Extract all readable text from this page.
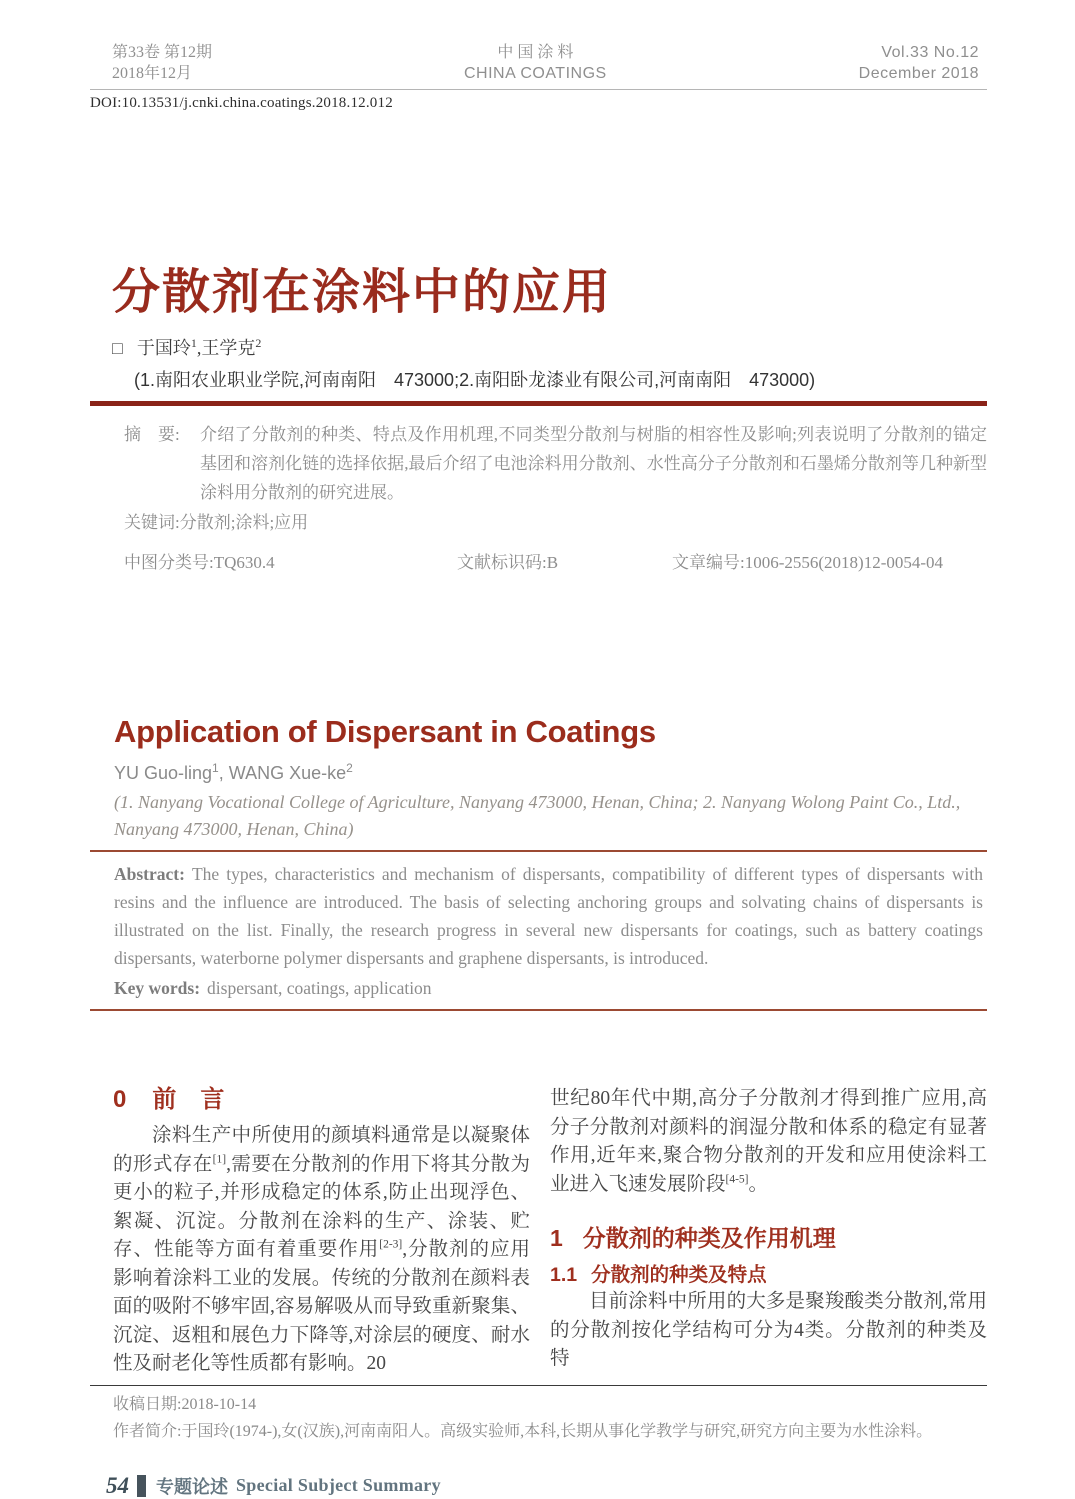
第33卷 第12期
2018年12月
中 国 涂 料
CHINA COATINGS
Vol.33 No.12
December 2018
DOI:10.13531/j.cnki.china.coatings.2018.12.012
分散剂在涂料中的应用
□ 于国玲$^1$,王学克$^2$
(1.南阳农业职业学院,河南南阳　473000;2.南阳卧龙漆业有限公司,河南南阳　473000)
摘　要:	介绍了分散剂的种类、特点及作用机理,不同类型分散剂与树脂的相容性及影响;列表说明了分散剂的锚定基团和溶剂化链的选择依据,最后介绍了电池涂料用分散剂、水性高分子分散剂和石墨烯分散剂等几种新型涂料用分散剂的研究进展。
关键词:分散剂;涂料;应用
中图分类号:TQ630.4	文献标识码:B	文章编号:1006-2556(2018)12-0054-04
Application of Dispersant in Coatings
YU Guo-ling$^1$, WANG Xue-$ke^2$
(1. Nanyang Vocational College of Agriculture, Nanyang 473000, Henan, China; 2. Nanyang Wolong Paint Co., Ltd., Nanyang 473000, Henan, China)

Abstract: The types, characteristics and mechanism of dispersants, compatibility of different types of dispersants with resins and the influence are introduced. The basis of selecting anchoring groups and solvating chains of dispersants is illustrated on the list. Finally, the research progress in several new dispersants for coatings, such as battery coatings dispersants, waterborne polymer dispersants and graphene dispersants, is introduced.

Key words: dispersant, coatings, application

0 前　言

涂料生产中所使用的颜填料通常是以凝聚体的形式存在[1],需要在分散剂的作用下将其分散为更小的粒子,并形成稳定的体系,防止出现浮色、絮凝、沉淀。分散剂在涂料的生产、涂装、贮存、性能等方面有着重要作用[2-3],分散剂的应用影响着涂料工业的发展。传统的分散剂在颜料表面的吸附不够牢固,容易解吸从而导致重新聚集、沉淀、返粗和展色力下降等,对涂层的硬度、耐水性及耐老化等性质都有影响。20

世纪80年代中期,高分子分散剂才得到推广应用,高分子分散剂对颜料的润湿分散和体系的稳定有显著作用,近年来,聚合物分散剂的开发和应用使涂料工业进入飞速发展阶段[4-5]。

1 分散剂的种类及作用机理
1.1 分散剂的种类及特点

目前涂料中所用的大多是聚羧酸类分散剂,常用的分散剂按化学结构可分为4类。分散剂的种类及特

收稿日期:2018-10-14
作者简介:于国玲(1974-),女(汉族),河南南阳人。高级实验师,本科,长期从事化学教学与研究,研究方向主要为水性涂料。
54 专题论述 Special Subject Summary
